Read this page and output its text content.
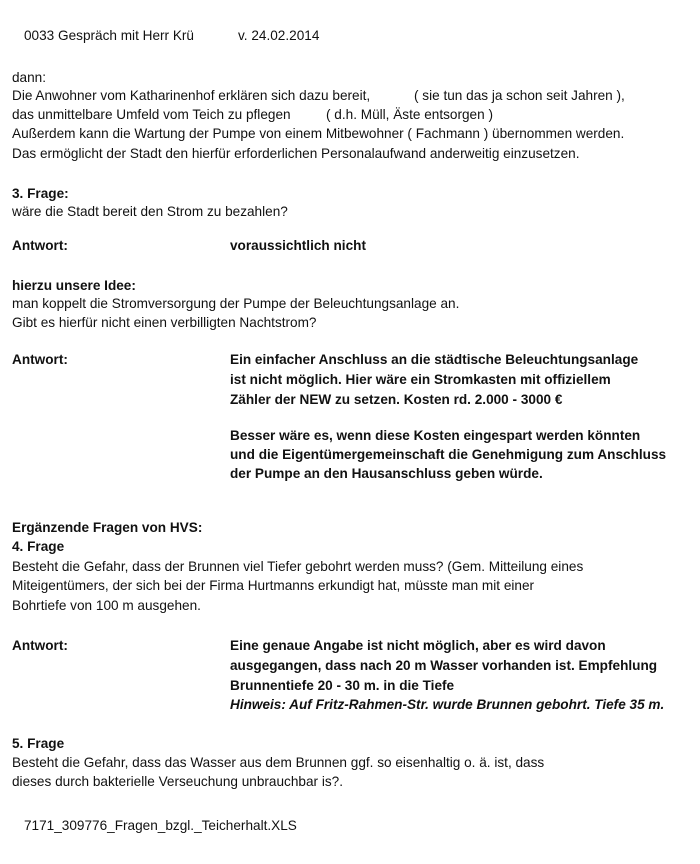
0033 Gespräch mit Herr Krü	v. 24.02.2014
dann:
Die Anwohner vom Katharinenhof erklären sich dazu bereit,	( sie tun das ja schon seit Jahren ),
das unmittelbare Umfeld vom Teich zu pflegen	( d.h. Müll, Äste entsorgen )
Außerdem kann die Wartung der Pumpe von einem Mitbewohner ( Fachmann ) übernommen werden.
Das ermöglicht der Stadt den hierfür erforderlichen Personalaufwand anderweitig einzusetzen.
3. Frage:
wäre die Stadt bereit den Strom zu bezahlen?
Antwort:	voraussichtlich nicht
hierzu unsere Idee:
man koppelt die Stromversorgung der Pumpe der Beleuchtungsanlage an.
Gibt es hierfür nicht einen verbilligten Nachtstrom?
Antwort:	Ein einfacher Anschluss an die städtische Beleuchtungsanlage
ist nicht möglich. Hier wäre ein Stromkasten mit offiziellem
Zähler der NEW zu setzen. Kosten rd. 2.000 - 3000 €
Besser wäre es, wenn diese Kosten eingespart werden könnten
und die Eigentümergemeinschaft die Genehmigung zum Anschluss
der Pumpe an den Hausanschluss geben würde.
Ergänzende Fragen von HVS:
4. Frage
Besteht die Gefahr, dass der Brunnen viel Tiefer gebohrt werden muss? (Gem. Mitteilung eines
Miteigentümers, der sich bei der Firma Hurtmanns erkundigt hat, müsste man mit einer
Bohrtiefe von 100 m ausgehen.
Antwort:	Eine genaue Angabe ist nicht möglich, aber es wird davon
ausgegangen, dass nach 20 m Wasser vorhanden ist. Empfehlung
Brunnentiefe 20 - 30 m. in die Tiefe
Hinweis: Auf Fritz-Rahmen-Str. wurde Brunnen gebohrt. Tiefe 35 m.
5. Frage
Besteht die Gefahr, dass das Wasser aus dem Brunnen ggf. so eisenhaltig o. ä. ist, dass
dieses durch bakterielle Verseuchung unbrauchbar is?.
7171_309776_Fragen_bzgl._Teicherhalt.XLS
